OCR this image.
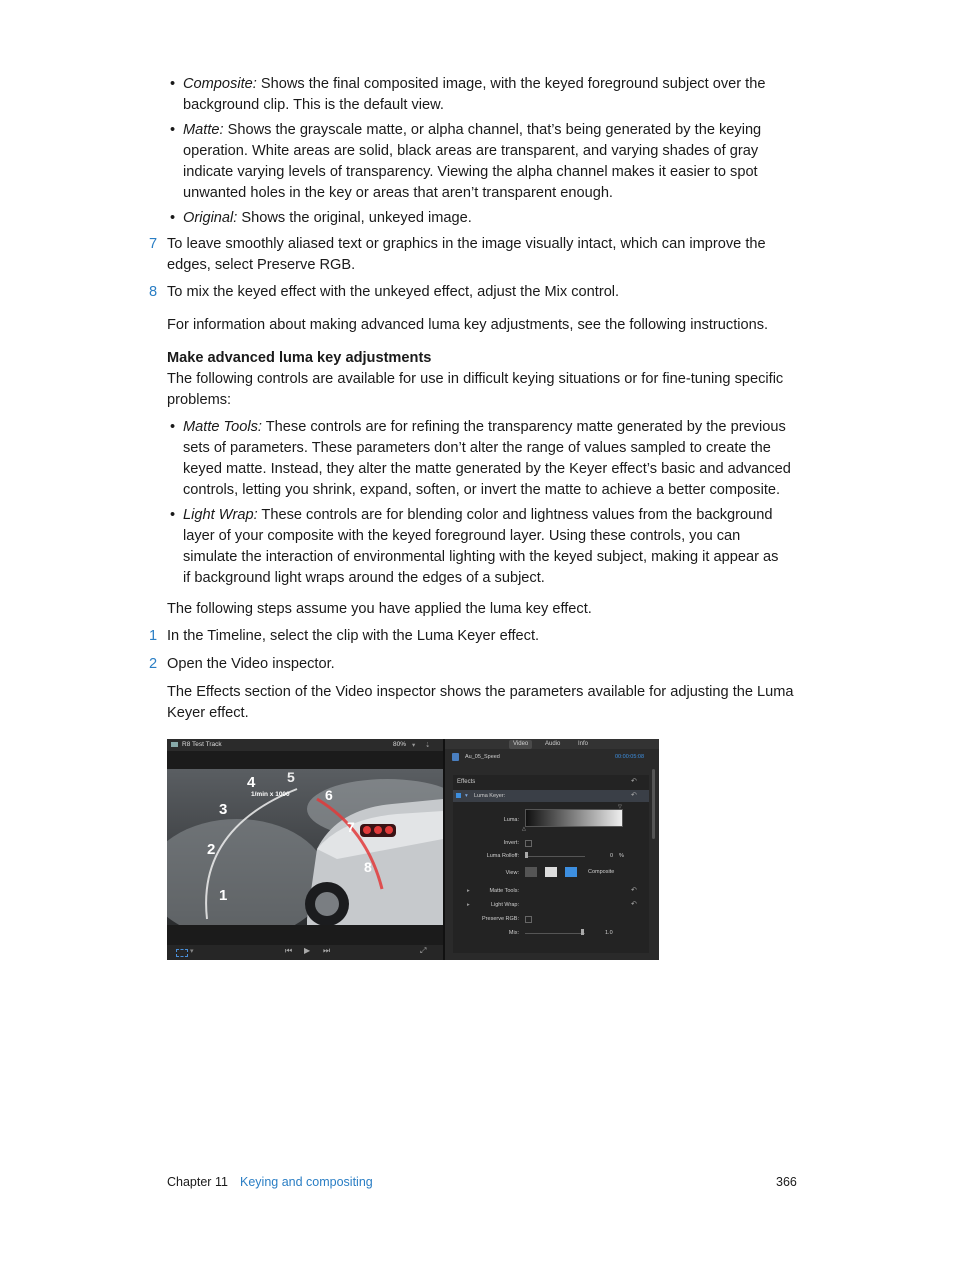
• Composite: Shows the final composited image, with the keyed foreground subject over the
background clip. This is the default view.
• Matte: Shows the grayscale matte, or alpha channel, that’s being generated by the keying
operation. White areas are solid, black areas are transparent, and varying shades of gray
indicate varying levels of transparency. Viewing the alpha channel makes it easier to spot
unwanted holes in the key or areas that aren’t transparent enough.
• Original: Shows the original, unkeyed image.
7 To leave smoothly aliased text or graphics in the image visually intact, which can improve the
edges, select Preserve RGB.
8 To mix the keyed effect with the unkeyed effect, adjust the Mix control.
For information about making advanced luma key adjustments, see the following instructions.
Make advanced luma key adjustments
The following controls are available for use in difficult keying situations or for fine-tuning specific
problems:
• Matte Tools: These controls are for refining the transparency matte generated by the previous
sets of parameters. These parameters don’t alter the range of values sampled to create the
keyed matte. Instead, they alter the matte generated by the Keyer effect’s basic and advanced
controls, letting you shrink, expand, soften, or invert the matte to achieve a better composite.
• Light Wrap: These controls are for blending color and lightness values from the background
layer of your composite with the keyed foreground layer. Using these controls, you can
simulate the interaction of environmental lighting with the keyed subject, making it appear as
if background light wraps around the edges of a subject.
The following steps assume you have applied the luma key effect.
1 In the Timeline, select the clip with the Luma Keyer effect.
2 Open the Video inspector.
The Effects section of the Video inspector shows the parameters available for adjusting the Luma
Keyer effect.
R8 Test Track	80% ▾ ⇣
4 5
3
2
1
6
7
8
1/min x 1000
▾	⏮ ▶ ⏭	⤢
Video	Audio	Info
Au_05_Speed	00:00:05:08
Effects	↶
▾ Luma Keyer:	↶
Luma:
△
▽
Invert:
Luma Rolloff:	0 %
View:	Composite
▸	Matte Tools:	↶
▸	Light Wrap:	↶
Preserve RGB:
Mix:	1.0
Chapter 11 Keying and compositing	366
